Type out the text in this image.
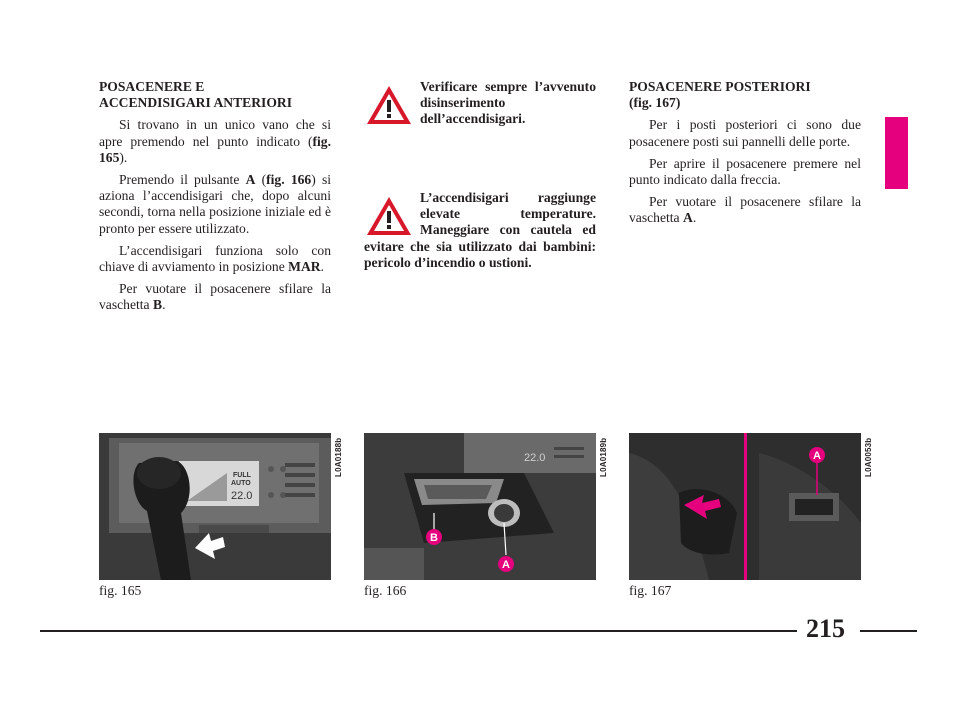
POSACENERE E
ACCENDISIGARI ANTERIORI

Si trovano in un unico vano che si apre premendo nel punto indicato (fig. 165).

Premendo il pulsante A (fig. 166) si aziona l’accendisigari che, dopo alcuni secondi, torna nella posizione iniziale ed è pronto per essere utilizzato.

L’accendisigari funziona solo con chiave di avviamento in posizione MAR.

Per vuotare il posacenere sfilare la vaschetta B.

Verificare sempre l’avvenuto disinserimento dell’accendisigari.
L’accendisigari raggiunge elevate temperature. Maneggiare con cautela ed evitare che sia utilizzato dai bambini: pericolo d’incendio o ustioni.
POSACENERE POSTERIORI
(fig. 167)

Per i posti posteriori ci sono due posacenere posti sui pannelli delle porte.

Per aprire il posacenere premere nel punto indicato dalla freccia.

Per vuotare il posacenere sfilare la vaschetta A.

FULL
AUTO
22.0
L0A0188b
fig. 165
22.0
B
A
L0A0189b
fig. 166
A	L0A0053b
fig. 167
215
